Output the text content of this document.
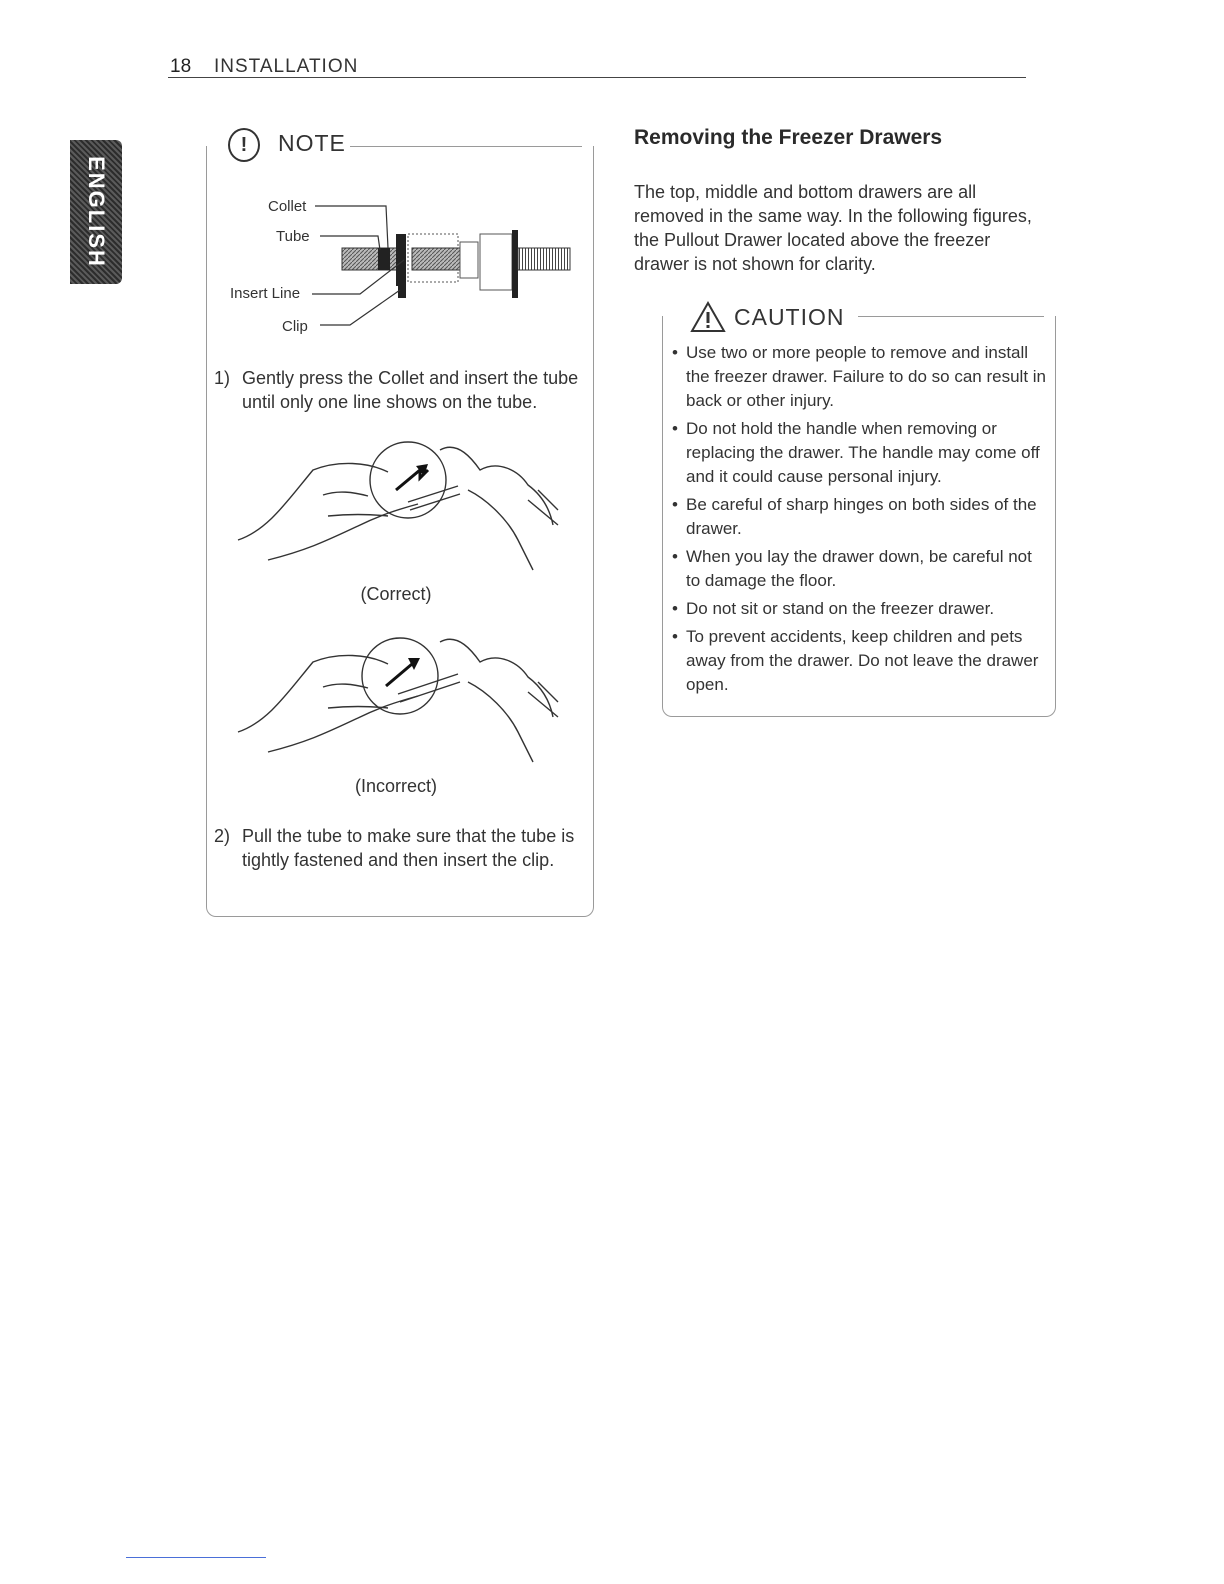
18 INSTALLATION
ENGLISH
!	NOTE
Collet
Tube
Insert Line
Clip
1) Gently press the Collet and insert the tube until only one line shows on the tube.
(Correct)
(Incorrect)
2) Pull the tube to make sure that the tube is tightly fastened and then insert the clip.
Removing the Freezer Drawers
The top, middle and bottom drawers are all removed in the same way. In the following figures, the Pullout Drawer located above the freezer drawer is not shown for clarity.
CAUTION
• Use two or more people to remove and install the freezer drawer. Failure to do so can result in back or other injury.
• Do not hold the handle when removing or replacing the drawer. The handle may come off and it could cause personal injury.
• Be careful of sharp hinges on both sides of the drawer.
• When you lay the drawer down, be careful not to damage the floor.
• Do not sit or stand on the freezer drawer.
• To prevent accidents, keep children and pets away from the drawer. Do not leave the drawer open.
